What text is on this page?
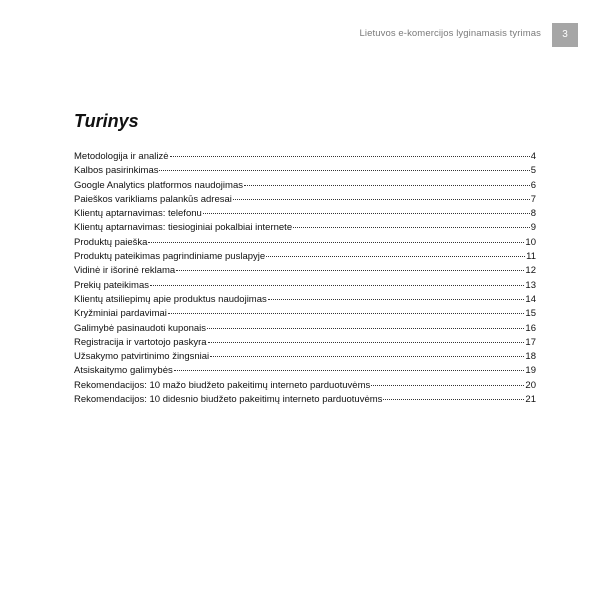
Lietuvos e-komercijos lyginamasis tyrimas	3
Turinys
Metodologija ir analizė	4
Kalbos pasirinkimas	5
Google Analytics platformos naudojimas	6
Paieškos varikliams palankūs adresai	7
Klientų aptarnavimas: telefonu	8
Klientų aptarnavimas: tiesioginiai pokalbiai internete	9
Produktų paieška	10
Produktų pateikimas pagrindiniame puslapyje	11
Vidinė ir išorinė reklama	12
Prekių pateikimas	13
Klientų atsiliepimų apie produktus naudojimas	14
Kryžminiai pardavimai	15
Galimybė pasinaudoti kuponais	16
Registracija ir vartotojo paskyra	17
Užsakymo patvirtinimo žingsniai	18
Atsiskaitymo galimybės	19
Rekomendacijos: 10 mažo biudžeto pakeitimų interneto parduotuvėms	20
Rekomendacijos: 10 didesnio biudžeto pakeitimų interneto parduotuvėms	21
